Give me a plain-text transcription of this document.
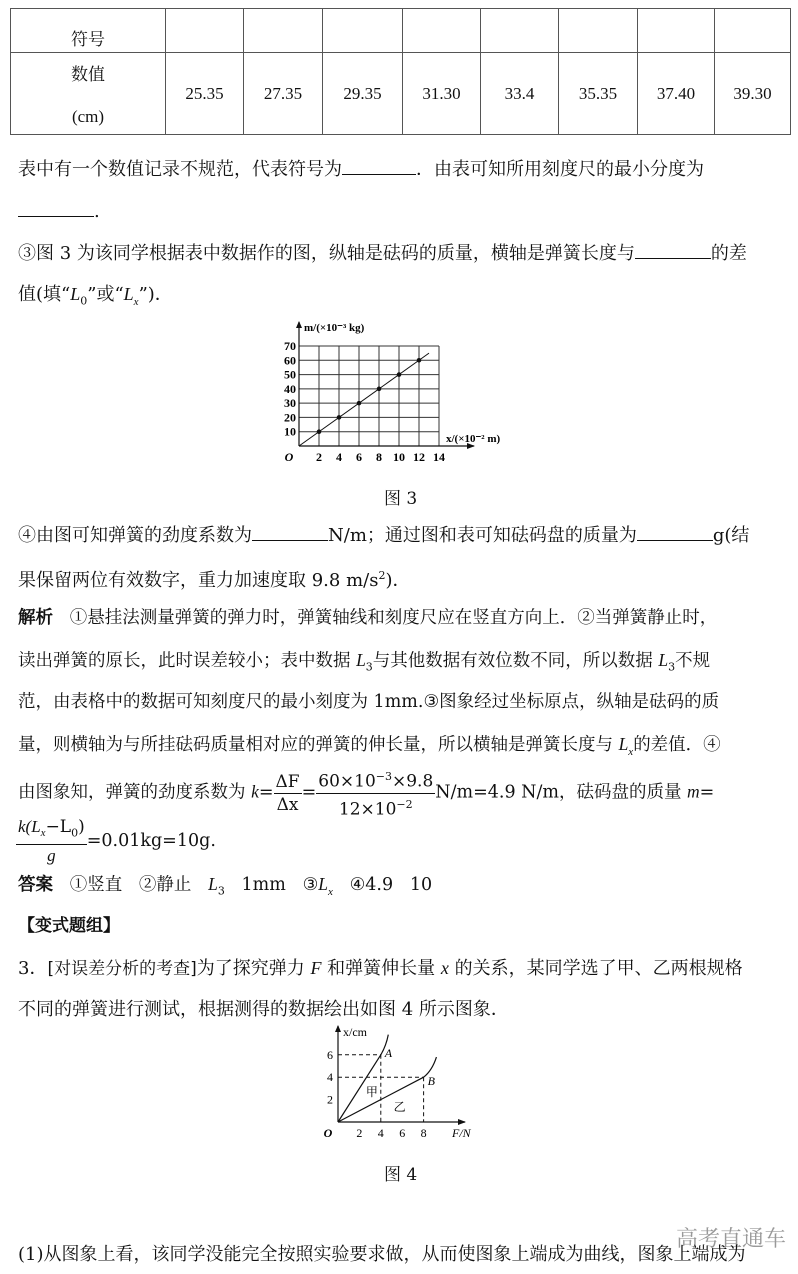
符号								

数值
(cm)	25.35	27.35	29.35	31.30	33.4	35.35	37.40	39.30
表中有一个数值记录不规范，代表符号为	．由表可知所用刻度尺的最小分度为
.
③图 3 为该同学根据表中数据作的图，纵轴是砝码的质量，横轴是弹簧长度与	的差
值(填“$L_0$”或“$L_x$”)．
2 4 6 8 10 12 14
10
20
30
40
50
60
70
O
m/(×10⁻³ kg)
x/(×10⁻² m)
图 3
④由图可知弹簧的劲度系数为	N/m；通过图和表可知砝码盘的质量为	g(结
果保留两位有效数字，重力加速度取 9.8 $m/s^2$)．
解析 ①悬挂法测量弹簧的弹力时，弹簧轴线和刻度尺应在竖直方向上．②当弹簧静止时，
读出弹簧的原长，此时误差较小；表中数据 $L_3$与其他数据有效位数不同，所以数据 $L_3$不规
范，由表格中的数据可知刻度尺的最小刻度为 1mm.③图象经过坐标原点，纵轴是砝码的质
量，则横轴为与所挂砝码质量相对应的弹簧的伸长量，所以横轴是弹簧长度与 $L_x$的差值．④
由图象知，弹簧的劲度系数为 $k= \frac{\Delta F}{\Delta x} = \frac{60\times 10^{-3}\times 9.8}{12\times 10^{-2}} N/m=4.9$ N/m，砝码盘的质量 m=
$\frac{k(L_x-L_0)}{g} =0.01kg=10g$.
答案 ①竖直 ②静止 $L_3$ 1mm $③L_x$ ④4.9 10
【变式题组】
3．[对误差分析的考查]为了探究弹力 F 和弹簧伸长量 x 的关系，某同学选了甲、乙两根规格
不同的弹簧进行测试，根据测得的数据绘出如图 4 所示图象．
2 4 6 8
2
4
6
O
x/cm
F/N
A
B
甲
乙
图 4
高考直通车
(1)从图象上看，该同学没能完全按照实验要求做，从而使图象上端成为曲线，图象上端成为
